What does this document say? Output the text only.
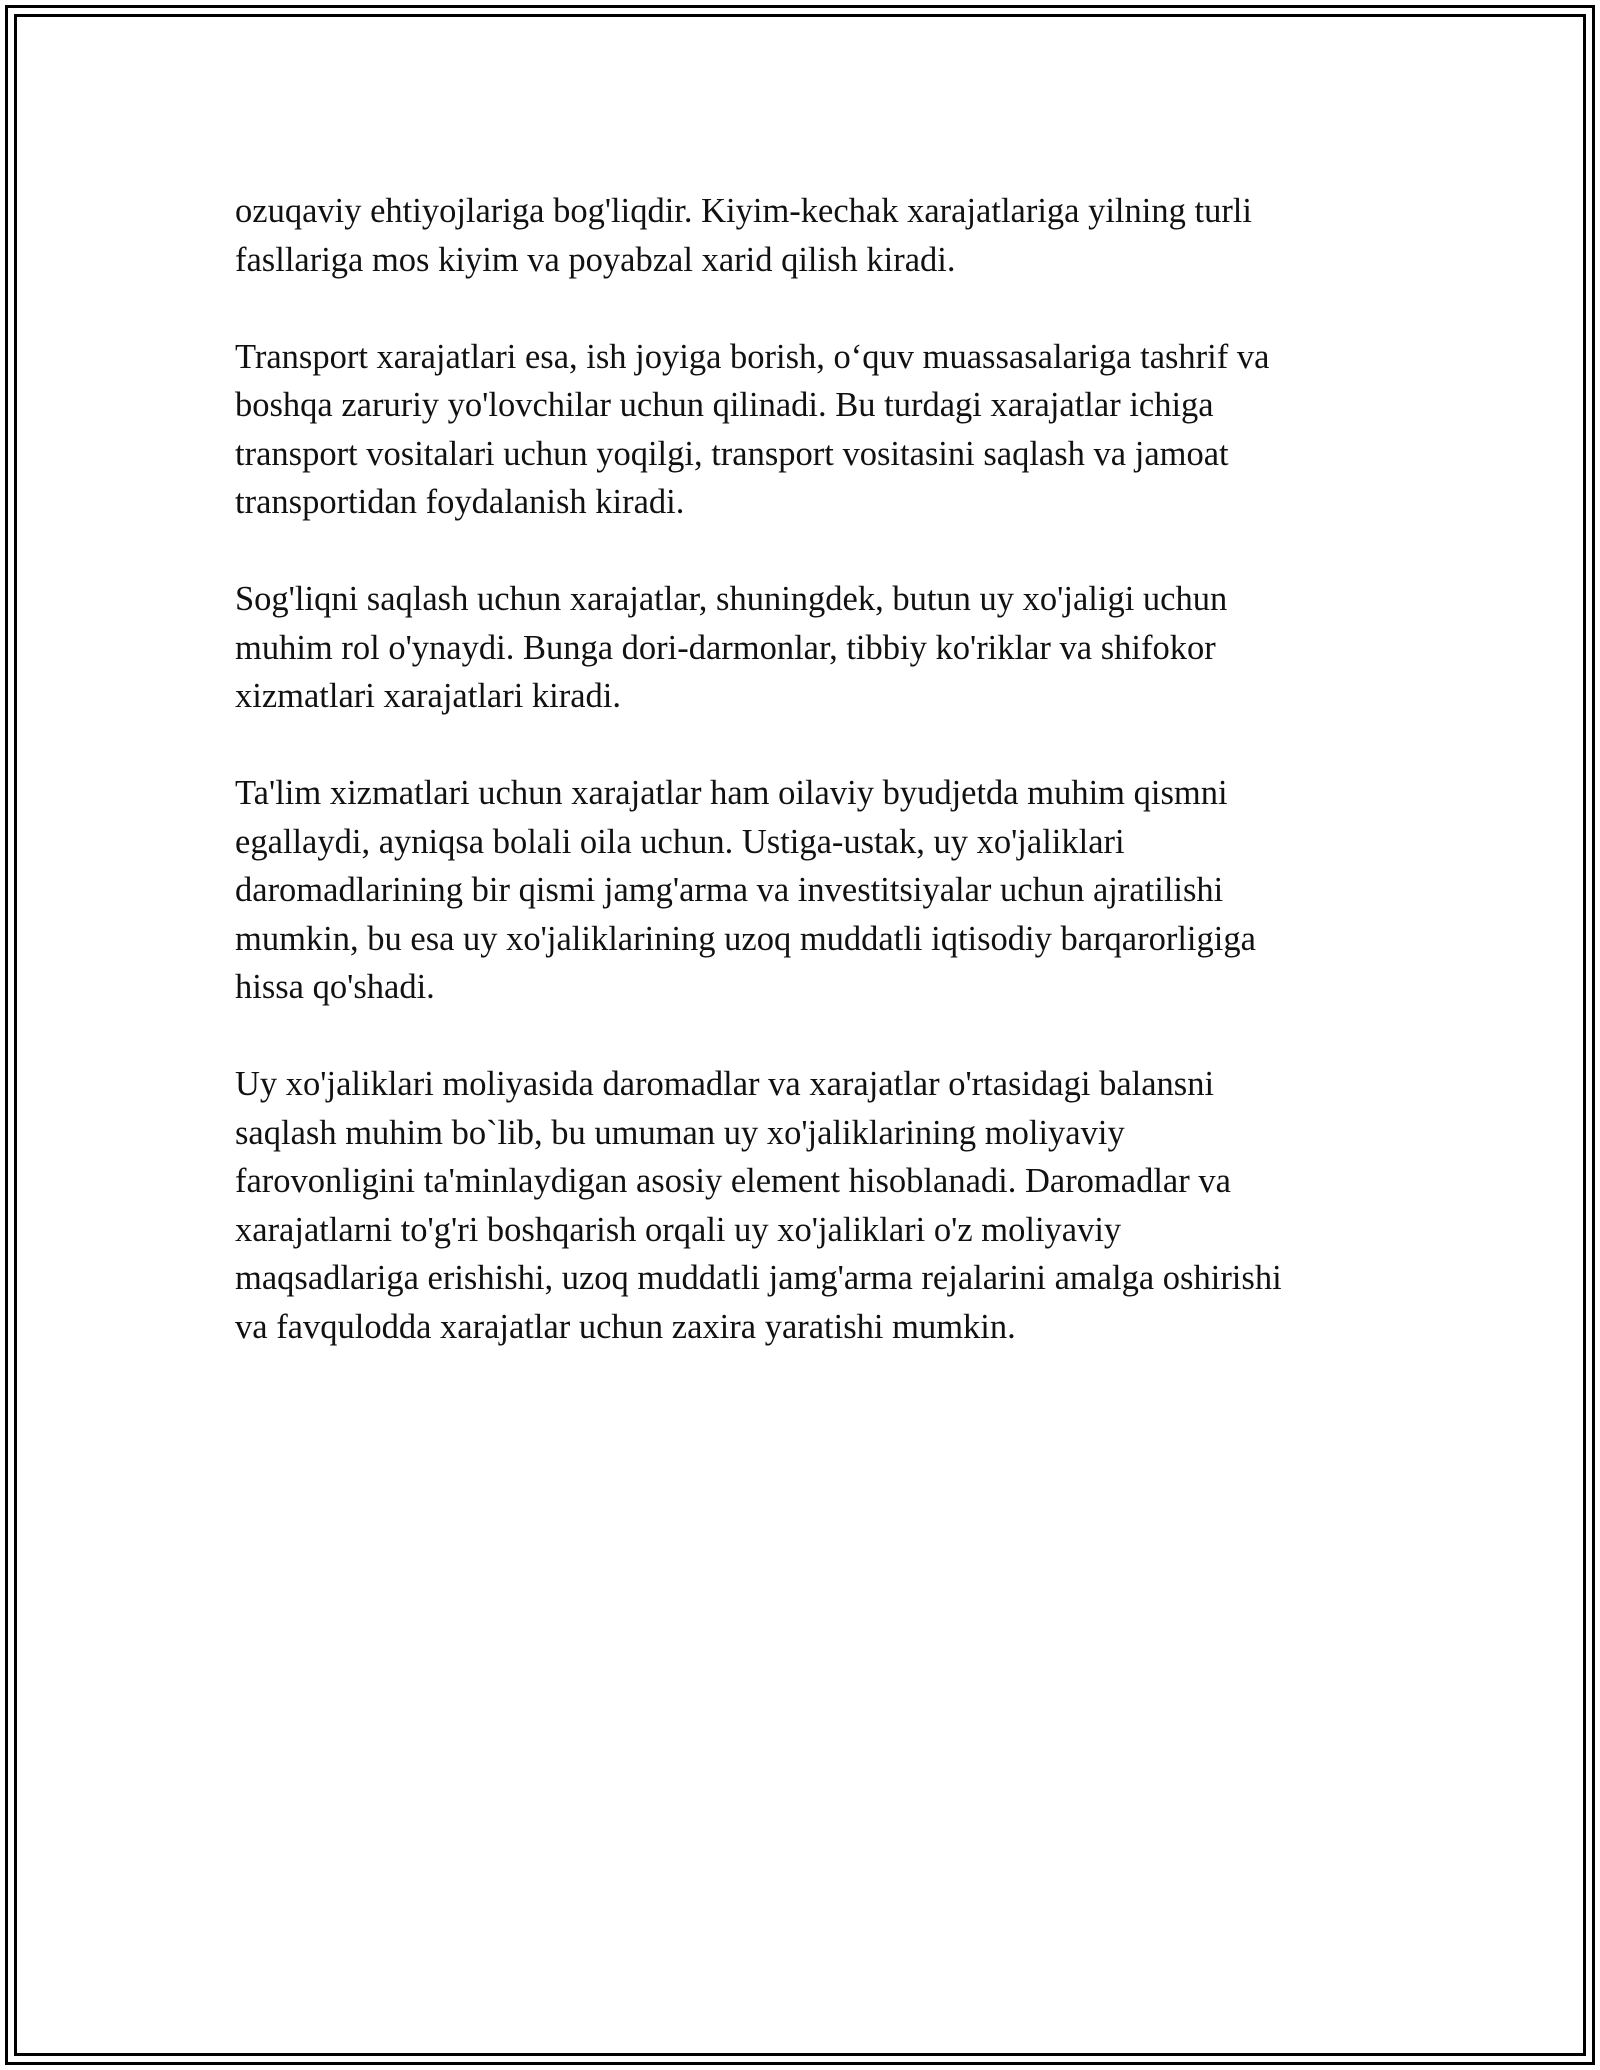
ozuqaviy ehtiyojlariga bog'liqdir. Kiyim-kechak xarajatlariga yilning turli
fasllariga mos kiyim va poyabzal xarid qilish kiradi.

Transport xarajatlari esa, ish joyiga borish, o‘quv muassasalariga tashrif va
boshqa zaruriy yo'lovchilar uchun qilinadi. Bu turdagi xarajatlar ichiga
transport vositalari uchun yoqilgi, transport vositasini saqlash va jamoat
transportidan foydalanish kiradi.

Sog'liqni saqlash uchun xarajatlar, shuningdek, butun uy xo'jaligi uchun
muhim rol o'ynaydi. Bunga dori-darmonlar, tibbiy ko'riklar va shifokor
xizmatlari xarajatlari kiradi.

Ta'lim xizmatlari uchun xarajatlar ham oilaviy byudjetda muhim qismni
egallaydi, ayniqsa bolali oila uchun. Ustiga-ustak, uy xo'jaliklari
daromadlarining bir qismi jamg'arma va investitsiyalar uchun ajratilishi
mumkin, bu esa uy xo'jaliklarining uzoq muddatli iqtisodiy barqarorligiga
hissa qo'shadi.

Uy xo'jaliklari moliyasida daromadlar va xarajatlar o'rtasidagi balansni
saqlash muhim bo`lib, bu umuman uy xo'jaliklarining moliyaviy
farovonligini ta'minlaydigan asosiy element hisoblanadi. Daromadlar va
xarajatlarni to'g'ri boshqarish orqali uy xo'jaliklari o'z moliyaviy
maqsadlariga erishishi, uzoq muddatli jamg'arma rejalarini amalga oshirishi
va favqulodda xarajatlar uchun zaxira yaratishi mumkin.
